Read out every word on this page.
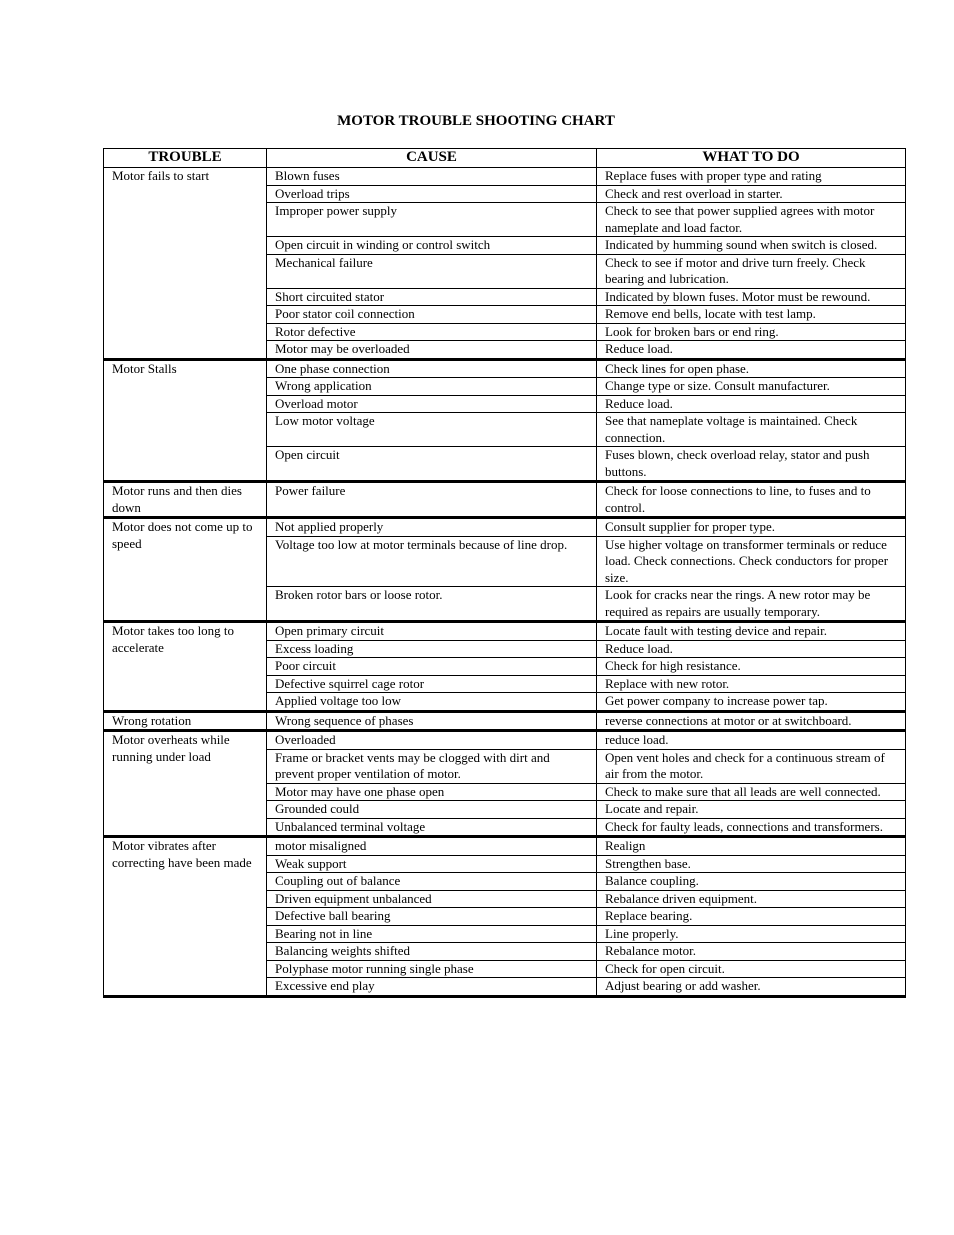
MOTOR TROUBLE SHOOTING CHART
TROUBLE	CAUSE	WHAT TO DO
Motor fails to start	Blown fuses	Replace fuses with proper type and rating
	Overload trips	Check and rest overload in starter.
	Improper power supply	Check to see that power supplied agrees with motor nameplate and load factor.
	Open circuit in winding or control switch	Indicated by humming sound when switch is closed.
	Mechanical failure	Check to see if motor and drive turn freely. Check bearing and lubrication.
	Short circuited stator	Indicated by blown fuses. Motor must be rewound.
	Poor stator coil connection	Remove end bells, locate with test lamp.
	Rotor defective	Look for broken bars or end ring.
	Motor may be overloaded	Reduce load.
Motor Stalls	One phase connection	Check lines for open phase.
	Wrong application	Change type or size. Consult manufacturer.
	Overload motor	Reduce load.
	Low motor voltage	See that nameplate voltage is maintained. Check connection.
	Open circuit	Fuses blown, check overload relay, stator and push buttons.
Motor runs and then dies down	Power failure	Check for loose connections to line, to fuses and to control.
Motor does not come up to speed	Not applied properly	Consult supplier for proper type.
	Voltage too low at motor terminals because of line drop.	Use higher voltage on transformer terminals or reduce load. Check connections. Check conductors for proper size.
	Broken rotor bars or loose rotor.	Look for cracks near the rings. A new rotor may be required as repairs are usually temporary.
Motor takes too long to accelerate	Open primary circuit	Locate fault with testing device and repair.
	Excess loading	Reduce load.
	Poor circuit	Check for high resistance.
	Defective squirrel cage rotor	Replace with new rotor.
	Applied voltage too low	Get power company to increase power tap.
Wrong rotation	Wrong sequence of phases	reverse connections at motor or at switchboard.
Motor overheats while running under load	Overloaded	reduce load.
	Frame or bracket vents may be clogged with dirt and prevent proper ventilation of motor.	Open vent holes and check for a continuous stream of air from the motor.
	Motor may have one phase open	Check to make sure that all leads are well connected.
	Grounded could	Locate and repair.
	Unbalanced terminal voltage	Check for faulty leads, connections and transformers.
Motor vibrates after correcting have been made	motor misaligned	Realign
	Weak support	Strengthen base.
	Coupling out of balance	Balance coupling.
	Driven equipment unbalanced	Rebalance driven equipment.
	Defective ball bearing	Replace bearing.
	Bearing not in line	Line properly.
	Balancing weights shifted	Rebalance motor.
	Polyphase motor running single phase	Check for open circuit.
	Excessive end play	Adjust bearing or add washer.
